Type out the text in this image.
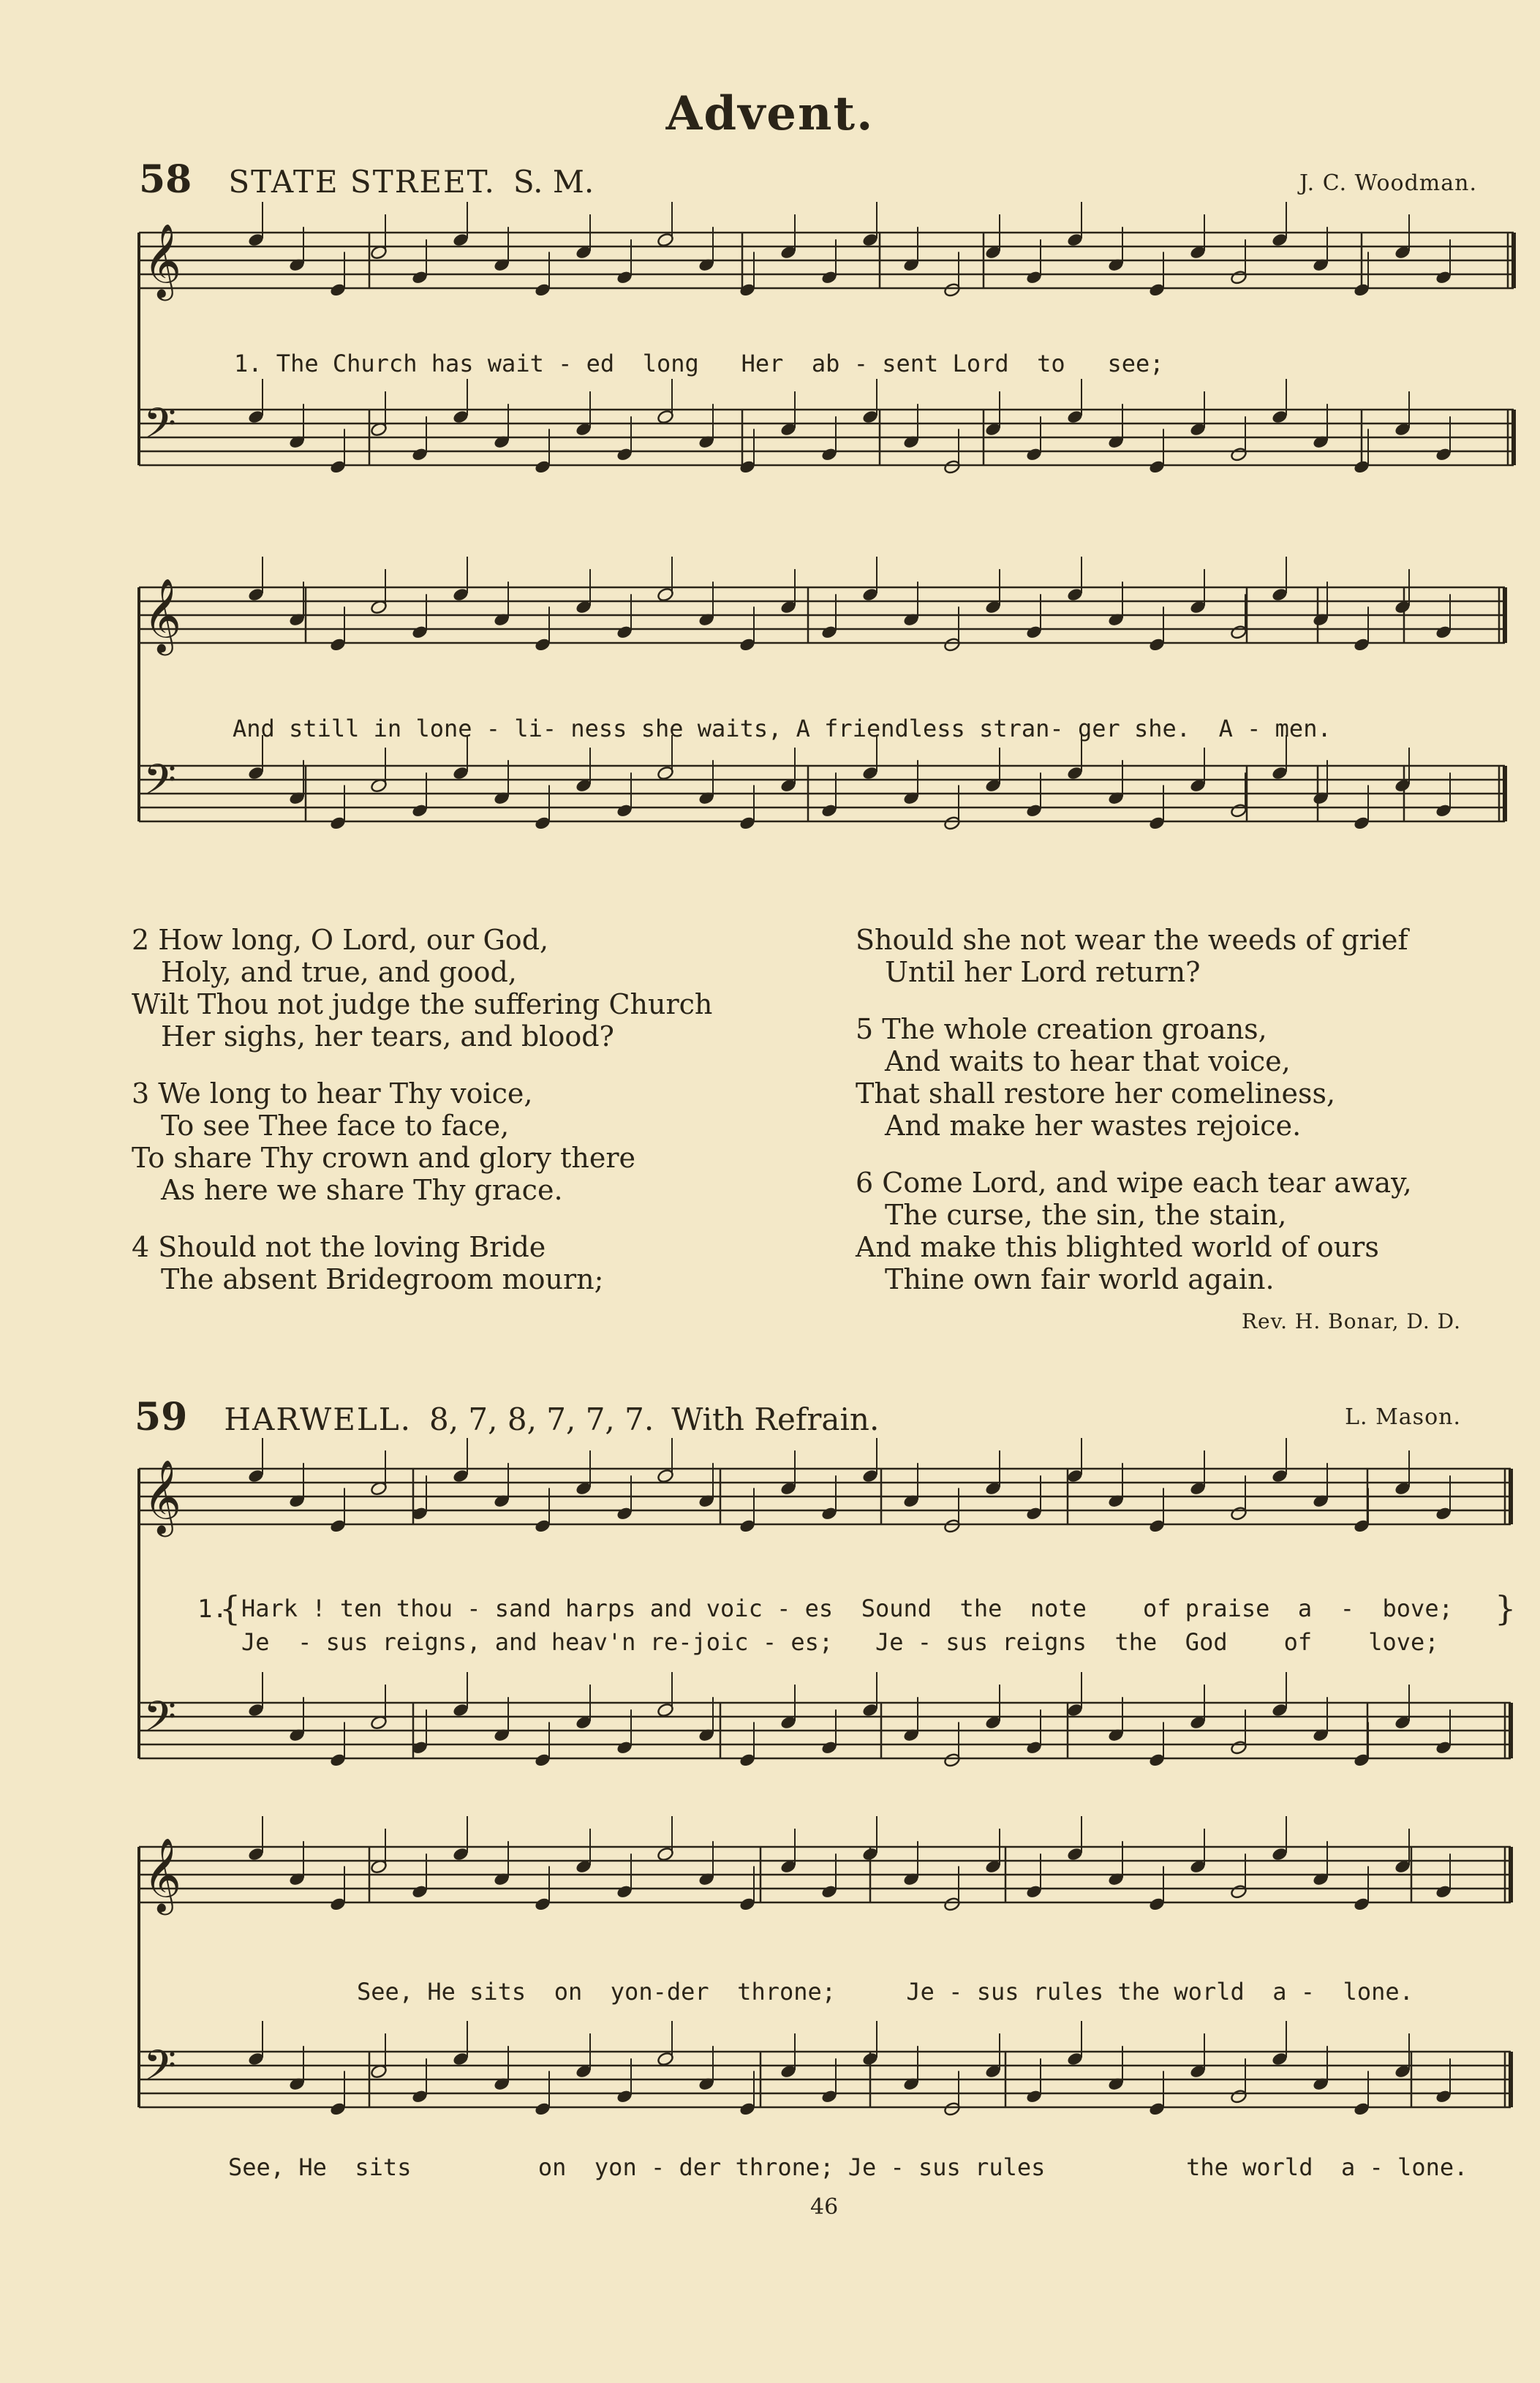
Advent.
58 STATE STREET. S. M.	J. C. Woodman.
𝄞
𝄢
𝄞
𝄢
𝄞
𝄢
𝄞
𝄢
1. The Church has wait - ed  long   Her  ab - sent Lord  to   see;
And still in lone - li- ness she waits, A friendless stran- ger she.  A - men.
2 How long, O Lord, our God,
Holy, and true, and good,
Wilt Thou not judge the suffering Church
Her sighs, her tears, and blood?
3 We long to hear Thy voice,
To see Thee face to face,
To share Thy crown and glory there
As here we share Thy grace.
4 Should not the loving Bride
The absent Bridegroom mourn;
Should she not wear the weeds of grief
Until her Lord return?
5 The whole creation groans,
And waits to hear that voice,
That shall restore her comeliness,
And make her wastes rejoice.
6 Come Lord, and wipe each tear away,
The curse, the sin, the stain,
And make this blighted world of ours
Thine own fair world again.
Rev. H. Bonar, D. D.
59 HARWELL. 8, 7, 8, 7, 7, 7. With Refrain.	L. Mason.
1.
{ Hark ! ten thou - sand harps and voic - es  Sound  the  note    of praise  a  -  bove;
Je  - sus reigns, and heav'n re-joic - es;   Je - sus reigns  the  God    of    love;
}
See, He sits  on  yon-der  throne;     Je - sus rules the world  a -  lone.
See, He  sits         on  yon - der throne; Je - sus rules          the world  a - lone.
46
